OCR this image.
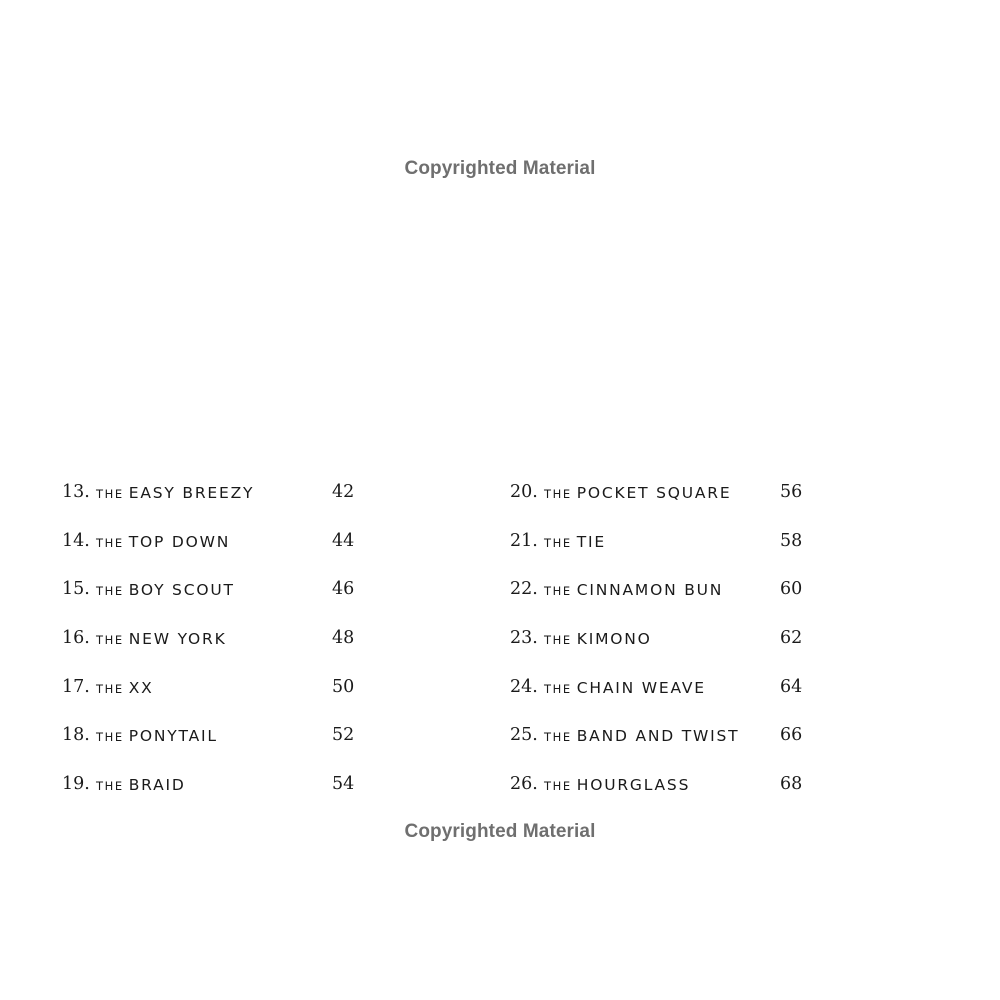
Copyrighted Material
13. THE EASY BREEZY	42
14. THE TOP DOWN	44
15. THE BOY SCOUT	46
16. THE NEW YORK	48
17. THE XX	50
18. THE PONYTAIL	52
19. THE BRAID	54
20. THE POCKET SQUARE	56
21. THE TIE	58
22. THE CINNAMON BUN	60
23. THE KIMONO	62
24. THE CHAIN WEAVE	64
25. THE BAND AND TWIST 66
26. THE HOURGLASS	68
Copyrighted Material
